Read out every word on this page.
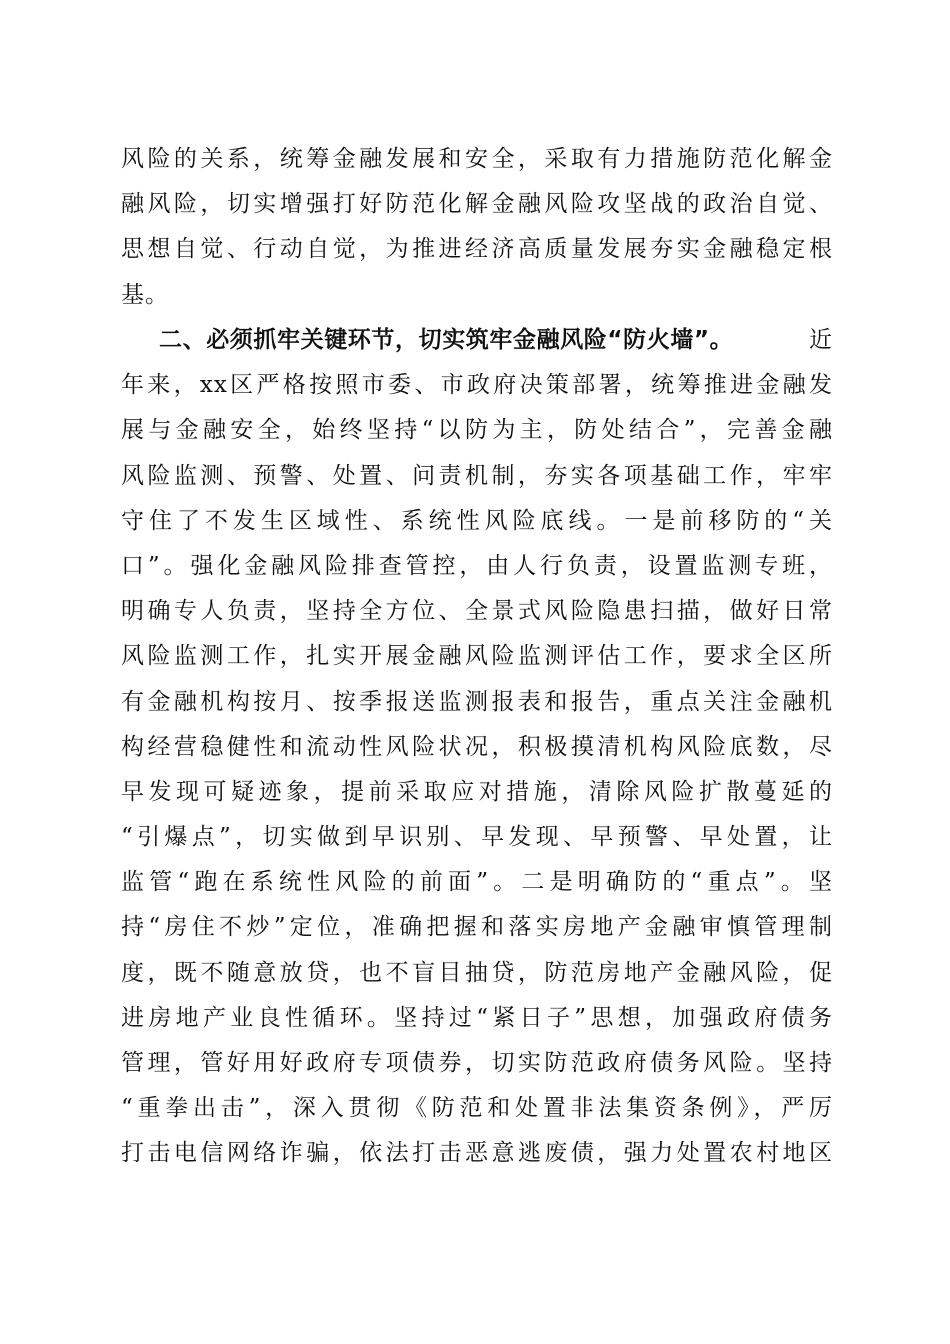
风险的关系，统筹金融发展和安全，采取有力措施防范化解金
融风险，切实增强打好防范化解金融风险攻坚战的政治自觉、
思想自觉、行动自觉，为推进经济高质量发展夯实金融稳定根
基。
二、必须抓牢关键环节，切实筑牢金融风险“防火墙”。	近
年来，xx区严格按照市委、市政府决策部署，统筹推进金融发
展与金融安全，始终坚持“以防为主，防处结合”，完善金融
风险监测、预警、处置、问责机制，夯实各项基础工作，牢牢
守住了不发生区域性、系统性风险底线。一是前移防的“关
口”。强化金融风险排查管控，由人行负责，设置监测专班，
明确专人负责，坚持全方位、全景式风险隐患扫描，做好日常
风险监测工作，扎实开展金融风险监测评估工作，要求全区所
有金融机构按月、按季报送监测报表和报告，重点关注金融机
构经营稳健性和流动性风险状况，积极摸清机构风险底数，尽
早发现可疑迹象，提前采取应对措施，清除风险扩散蔓延的
“引爆点”，切实做到早识别、早发现、早预警、早处置，让
监管“跑在系统性风险的前面”。二是明确防的“重点”。坚
持“房住不炒”定位，准确把握和落实房地产金融审慎管理制
度，既不随意放贷，也不盲目抽贷，防范房地产金融风险，促
进房地产业良性循环。坚持过“紧日子”思想，加强政府债务
管理，管好用好政府专项债券，切实防范政府债务风险。坚持
“重拳出击”，深入贯彻《防范和处置非法集资条例》，严厉
打击电信网络诈骗，依法打击恶意逃废债，强力处置农村地区
